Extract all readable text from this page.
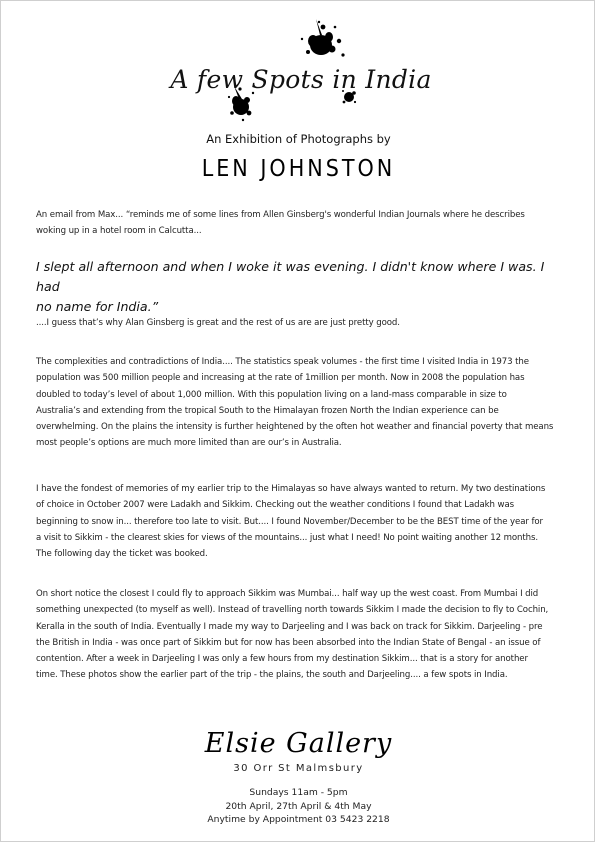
A few Spots in India
An Exhibition of Photographs by
LEN JOHNSTON
An email from Max... “reminds me of some lines from Allen Ginsberg's wonderful Indian Journals where he describes
woking up in a hotel room in Calcutta...
I slept all afternoon and when I woke it was evening. I didn't know where I was. I had
no name for India.”
....I guess that’s why Alan Ginsberg is great and the rest of us are are just pretty good.
The complexities and contradictions of India.... The statistics speak volumes - the first time I visited India in 1973 the
population was 500 million people and increasing at the rate of 1million per month. Now in 2008 the population has
doubled to today’s level of about 1,000 million. With this population living on a land-mass comparable in size to
Australia’s and extending from the tropical South to the Himalayan frozen North the Indian experience can be
overwhelming. On the plains the intensity is further heightened by the often hot weather and financial poverty that means
most people’s options are much more limited than are our’s in Australia.
I have the fondest of memories of my earlier trip to the Himalayas so have always wanted to return. My two destinations
of choice in October 2007 were Ladakh and Sikkim. Checking out the weather conditions I found that Ladakh was
beginning to snow in... therefore too late to visit. But.... I found November/December to be the BEST time of the year for
a visit to Sikkim - the clearest skies for views of the mountains... just what I need! No point waiting another 12 months.
The following day the ticket was booked.
On short notice the closest I could fly to approach Sikkim was Mumbai... half way up the west coast. From Mumbai I did
something unexpected (to myself as well). Instead of travelling north towards Sikkim I made the decision to fly to Cochin,
Keralla in the south of India. Eventually I made my way to Darjeeling and I was back on track for Sikkim. Darjeeling - pre
the British in India - was once part of Sikkim but for now has been absorbed into the Indian State of Bengal - an issue of
contention. After a week in Darjeeling I was only a few hours from my destination Sikkim... that is a story for another
time. These photos show the earlier part of the trip - the plains, the south and Darjeeling.... a few spots in India.
Elsie Gallery
30 Orr St Malmsbury
Sundays 11am - 5pm
20th April, 27th April & 4th May
Anytime by Appointment 03 5423 2218
